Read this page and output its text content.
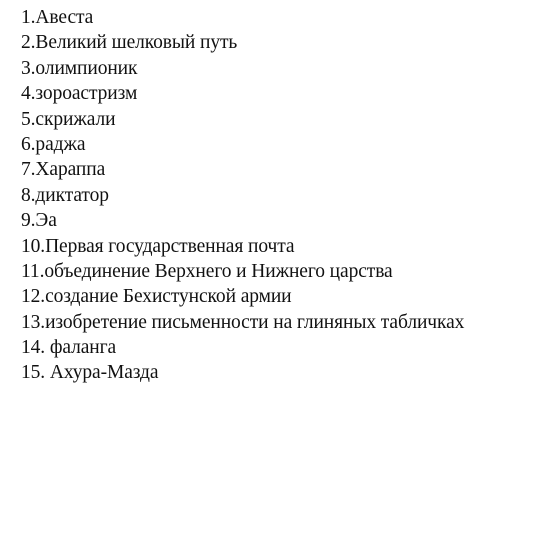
1.Авеста
2.Великий шелковый путь
3.олимпионик
4.зороастризм
5.скрижали
6.раджа
7.Хараппа
8.диктатор
9.Эа
10.Первая государственная почта
11.объединение Верхнего и Нижнего царства
12.создание Бехистунской армии
13.изобретение письменности на глиняных табличках
14. фаланга
15. Ахура-Мазда
